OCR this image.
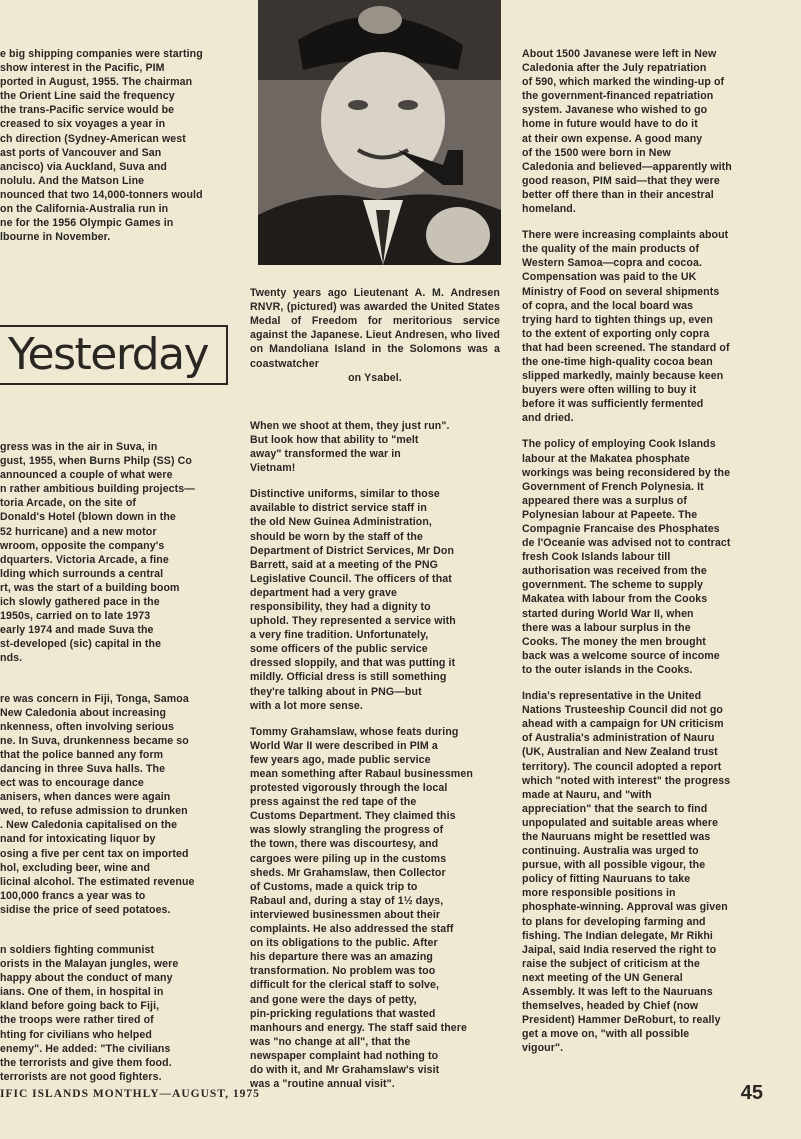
e big shipping companies were starting
show interest in the Pacific, PIM
ported in August, 1955. The chairman
the Orient Line said the frequency
the trans-Pacific service would be
creased to six voyages a year in
ch direction (Sydney-American west
ast ports of Vancouver and San
ancisco) via Auckland, Suva and
nolulu. And the Matson Line
nounced that two 14,000-tonners would
on the California-Australia run in
ne for the 1956 Olympic Games in
lbourne in November.

Yesterday

gress was in the air in Suva, in
gust, 1955, when Burns Philp (SS) Co
announced a couple of what were
n rather ambitious building projects—
toria Arcade, on the site of
Donald's Hotel (blown down in the
52 hurricane) and a new motor
wroom, opposite the company's
dquarters. Victoria Arcade, a fine
lding which surrounds a central
rt, was the start of a building boom
ich slowly gathered pace in the
1950s, carried on to late 1973
early 1974 and made Suva the
st-developed (sic) capital in the
nds.

re was concern in Fiji, Tonga, Samoa
New Caledonia about increasing
nkenness, often involving serious
ne. In Suva, drunkenness became so
that the police banned any form
dancing in three Suva halls. The
ect was to encourage dance
anisers, when dances were again
wed, to refuse admission to drunken
. New Caledonia capitalised on the
nand for intoxicating liquor by
osing a five per cent tax on imported
hol, excluding beer, wine and
licinal alcohol. The estimated revenue
100,000 francs a year was to
sidise the price of seed potatoes.

n soldiers fighting communist
orists in the Malayan jungles, were
happy about the conduct of many
ians. One of them, in hospital in
kland before going back to Fiji,
the troops were rather tired of
hting for civilians who helped
enemy". He added: "The civilians
the terrorists and give them food.
terrorists are not good fighters.

Twenty years ago Lieutenant A. M. Andresen RNVR, (pictured) was awarded the United States Medal of Freedom for meritorious service against the Japanese. Lieut Andresen, who lived on Mandoliana Island in the Solomons was a coastwatcher

on Ysabel.

When we shoot at them, they just run".
But look how that ability to "melt
away" transformed the war in
Vietnam!

Distinctive uniforms, similar to those
available to district service staff in
the old New Guinea Administration,
should be worn by the staff of the
Department of District Services, Mr Don
Barrett, said at a meeting of the PNG
Legislative Council. The officers of that
department had a very grave
responsibility, they had a dignity to
uphold. They represented a service with
a very fine tradition. Unfortunately,
some officers of the public service
dressed sloppily, and that was putting it
mildly. Official dress is still something
they're talking about in PNG—but
with a lot more sense.

Tommy Grahamslaw, whose feats during
World War II were described in PIM a
few years ago, made public service
mean something after Rabaul businessmen
protested vigorously through the local
press against the red tape of the
Customs Department. They claimed this
was slowly strangling the progress of
the town, there was discourtesy, and
cargoes were piling up in the customs
sheds. Mr Grahamslaw, then Collector
of Customs, made a quick trip to
Rabaul and, during a stay of 1½ days,
interviewed businessmen about their
complaints. He also addressed the staff
on its obligations to the public. After
his departure there was an amazing
transformation. No problem was too
difficult for the clerical staff to solve,
and gone were the days of petty,
pin-pricking regulations that wasted
manhours and energy. The staff said there
was "no change at all", that the
newspaper complaint had nothing to
do with it, and Mr Grahamslaw's visit
was a "routine annual visit".

About 1500 Javanese were left in New
Caledonia after the July repatriation
of 590, which marked the winding-up of
the government-financed repatriation
system. Javanese who wished to go
home in future would have to do it
at their own expense. A good many
of the 1500 were born in New
Caledonia and believed—apparently with
good reason, PIM said—that they were
better off there than in their ancestral
homeland.

There were increasing complaints about
the quality of the main products of
Western Samoa—copra and cocoa.
Compensation was paid to the UK
Ministry of Food on several shipments
of copra, and the local board was
trying hard to tighten things up, even
to the extent of exporting only copra
that had been screened. The standard of
the one-time high-quality cocoa bean
slipped markedly, mainly because keen
buyers were often willing to buy it
before it was sufficiently fermented
and dried.

The policy of employing Cook Islands
labour at the Makatea phosphate
workings was being reconsidered by the
Government of French Polynesia. It
appeared there was a surplus of
Polynesian labour at Papeete. The
Compagnie Francaise des Phosphates
de l'Oceanie was advised not to contract
fresh Cook Islands labour till
authorisation was received from the
government. The scheme to supply
Makatea with labour from the Cooks
started during World War II, when
there was a labour surplus in the
Cooks. The money the men brought
back was a welcome source of income
to the outer islands in the Cooks.

India's representative in the United
Nations Trusteeship Council did not go
ahead with a campaign for UN criticism
of Australia's administration of Nauru
(UK, Australian and New Zealand trust
territory). The council adopted a report
which "noted with interest" the progress
made at Nauru, and "with
appreciation" that the search to find
unpopulated and suitable areas where
the Nauruans might be resettled was
continuing. Australia was urged to
pursue, with all possible vigour, the
policy of fitting Nauruans to take
more responsible positions in
phosphate-winning. Approval was given
to plans for developing farming and
fishing. The Indian delegate, Mr Rikhi
Jaipal, said India reserved the right to
raise the subject of criticism at the
next meeting of the UN General
Assembly. It was left to the Nauruans
themselves, headed by Chief (now
President) Hammer DeRoburt, to really
get a move on, "with all possible
vigour".

IFIC ISLANDS MONTHLY—AUGUST, 1975	45
